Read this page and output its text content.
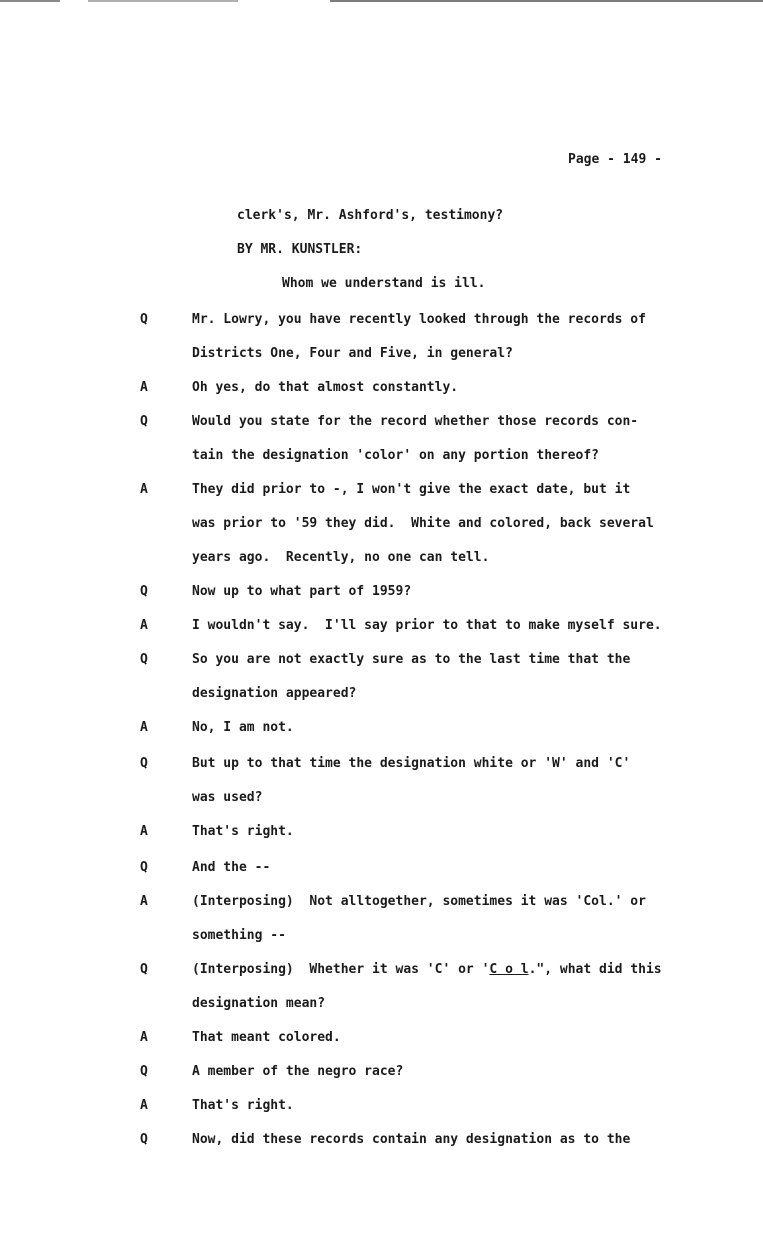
Page - 149 -
clerk's, Mr. Ashford's, testimony?
BY MR. KUNSTLER:
Whom we understand is ill.
Q	Mr. Lowry, you have recently looked through the records of
Districts One, Four and Five, in general?
A	Oh yes, do that almost constantly.
Q	Would you state for the record whether those records con-
tain the designation 'color' on any portion thereof?
A	They did prior to -, I won't give the exact date, but it
was prior to '59 they did.  White and colored, back several
years ago.  Recently, no one can tell.
Q	Now up to what part of 1959?
A	I wouldn't say.  I'll say prior to that to make myself sure.
Q	So you are not exactly sure as to the last time that the
designation appeared?
A	No, I am not.
Q	But up to that time the designation white or 'W' and 'C'
was used?
A	That's right.
Q	And the --
A	(Interposing)  Not alltogether, sometimes it was 'Col.' or
something --
Q	(Interposing)  Whether it was 'C' or 'C o l.", what did this
designation mean?
A	That meant colored.
Q	A member of the negro race?
A	That's right.
Q	Now, did these records contain any designation as to the
